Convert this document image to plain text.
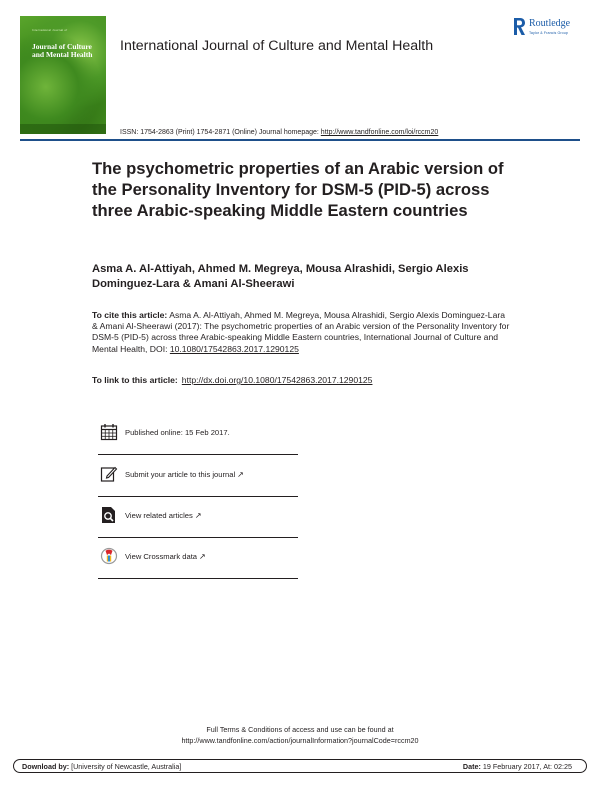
International Journal of
Journal of Culture and Mental Health
International Journal of Culture and Mental Health
Routledge
Taylor & Francis Group
ISSN: 1754-2863 (Print) 1754-2871 (Online) Journal homepage: http://www.tandfonline.com/loi/rccm20
The psychometric properties of an Arabic version of the Personality Inventory for DSM-5 (PID-5) across three Arabic-speaking Middle Eastern countries
Asma A. Al-Attiyah, Ahmed M. Megreya, Mousa Alrashidi, Sergio Alexis Dominguez-Lara & Amani Al-Sheerawi
To cite this article: Asma A. Al-Attiyah, Ahmed M. Megreya, Mousa Alrashidi, Sergio Alexis Dominguez-Lara & Amani Al-Sheerawi (2017): The psychometric properties of an Arabic version of the Personality Inventory for DSM-5 (PID-5) across three Arabic-speaking Middle Eastern countries, International Journal of Culture and Mental Health, DOI: 10.1080/17542863.2017.1290125
To link to this article: http://dx.doi.org/10.1080/17542863.2017.1290125
Published online: 15 Feb 2017.
Submit your article to this journal ↗
View related articles ↗
View Crossmark data ↗
Full Terms & Conditions of access and use can be found at
http://www.tandfonline.com/action/journalInformation?journalCode=rccm20
Download by: [University of Newcastle, Australia]	Date: 19 February 2017, At: 02:25
